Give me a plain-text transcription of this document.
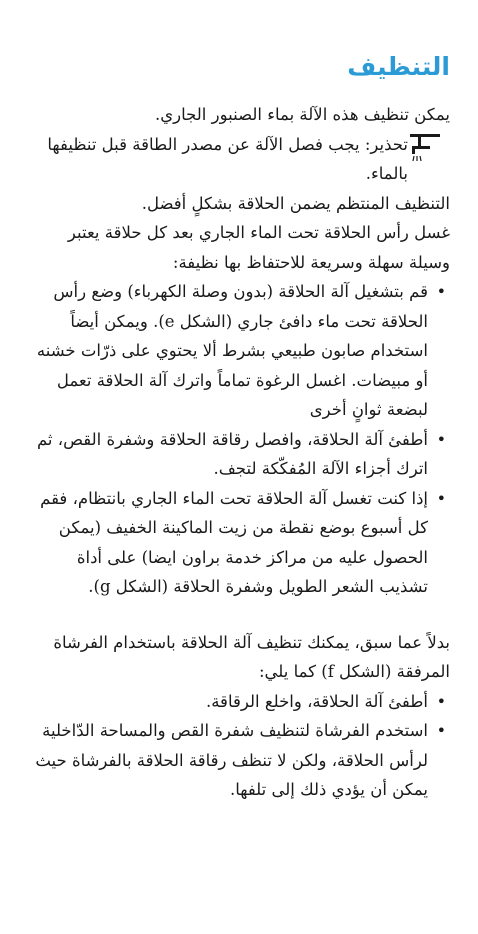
التنظيف

يمكن تنظيف هذه الآلة بماء الصنبور الجاري.

تحذير: يجب فصل الآلة عن مصدر الطاقة قبل تنظيفها بالماء.

التنظيف المنتظم يضمن الحلاقة بشكلٍ أفضل.

غسل رأس الحلاقة تحت الماء الجاري بعد كل حلاقة يعتبر وسيلة سهلة وسريعة للاحتفاظ بها نظيفة:

• قم بتشغيل آلة الحلاقة (بدون وصلة الكهرباء) وضع رأس الحلاقة تحت ماء دافئ جاري (الشكل e). ويمكن أيضاً استخدام صابون طبيعي بشرط ألا يحتوي على ذرّات خشنه أو مبيضات. اغسل الرغوة تماماً واترك آلة الحلاقة تعمل لبضعة ثوانٍ أخرى
• أطفئ آلة الحلاقة، وافصل رقاقة الحلاقة وشفرة القص، ثم اترك أجزاء الآلة المُفكّكة لتجف.
• إذا كنت تغسل آلة الحلاقة تحت الماء الجاري بانتظام، فقم كل أسبوع بوضع نقطة من زيت الماكينة الخفيف (يمكن الحصول عليه من مراكز خدمة براون ايضا) على أداة تشذيب الشعر الطويل وشفرة الحلاقة (الشكل g).

بدلاً عما سبق، يمكنك تنظيف آلة الحلاقة باستخدام الفرشاة المرفقة (الشكل f) كما يلي:

• أطفئ آلة الحلاقة، واخلع الرقاقة.
• استخدم الفرشاة لتنظيف شفرة القص والمساحة الدّاخلية لرأس الحلاقة، ولكن لا تنظف رقاقة الحلاقة بالفرشاة حيث يمكن أن يؤدي ذلك إلى تلفها.
